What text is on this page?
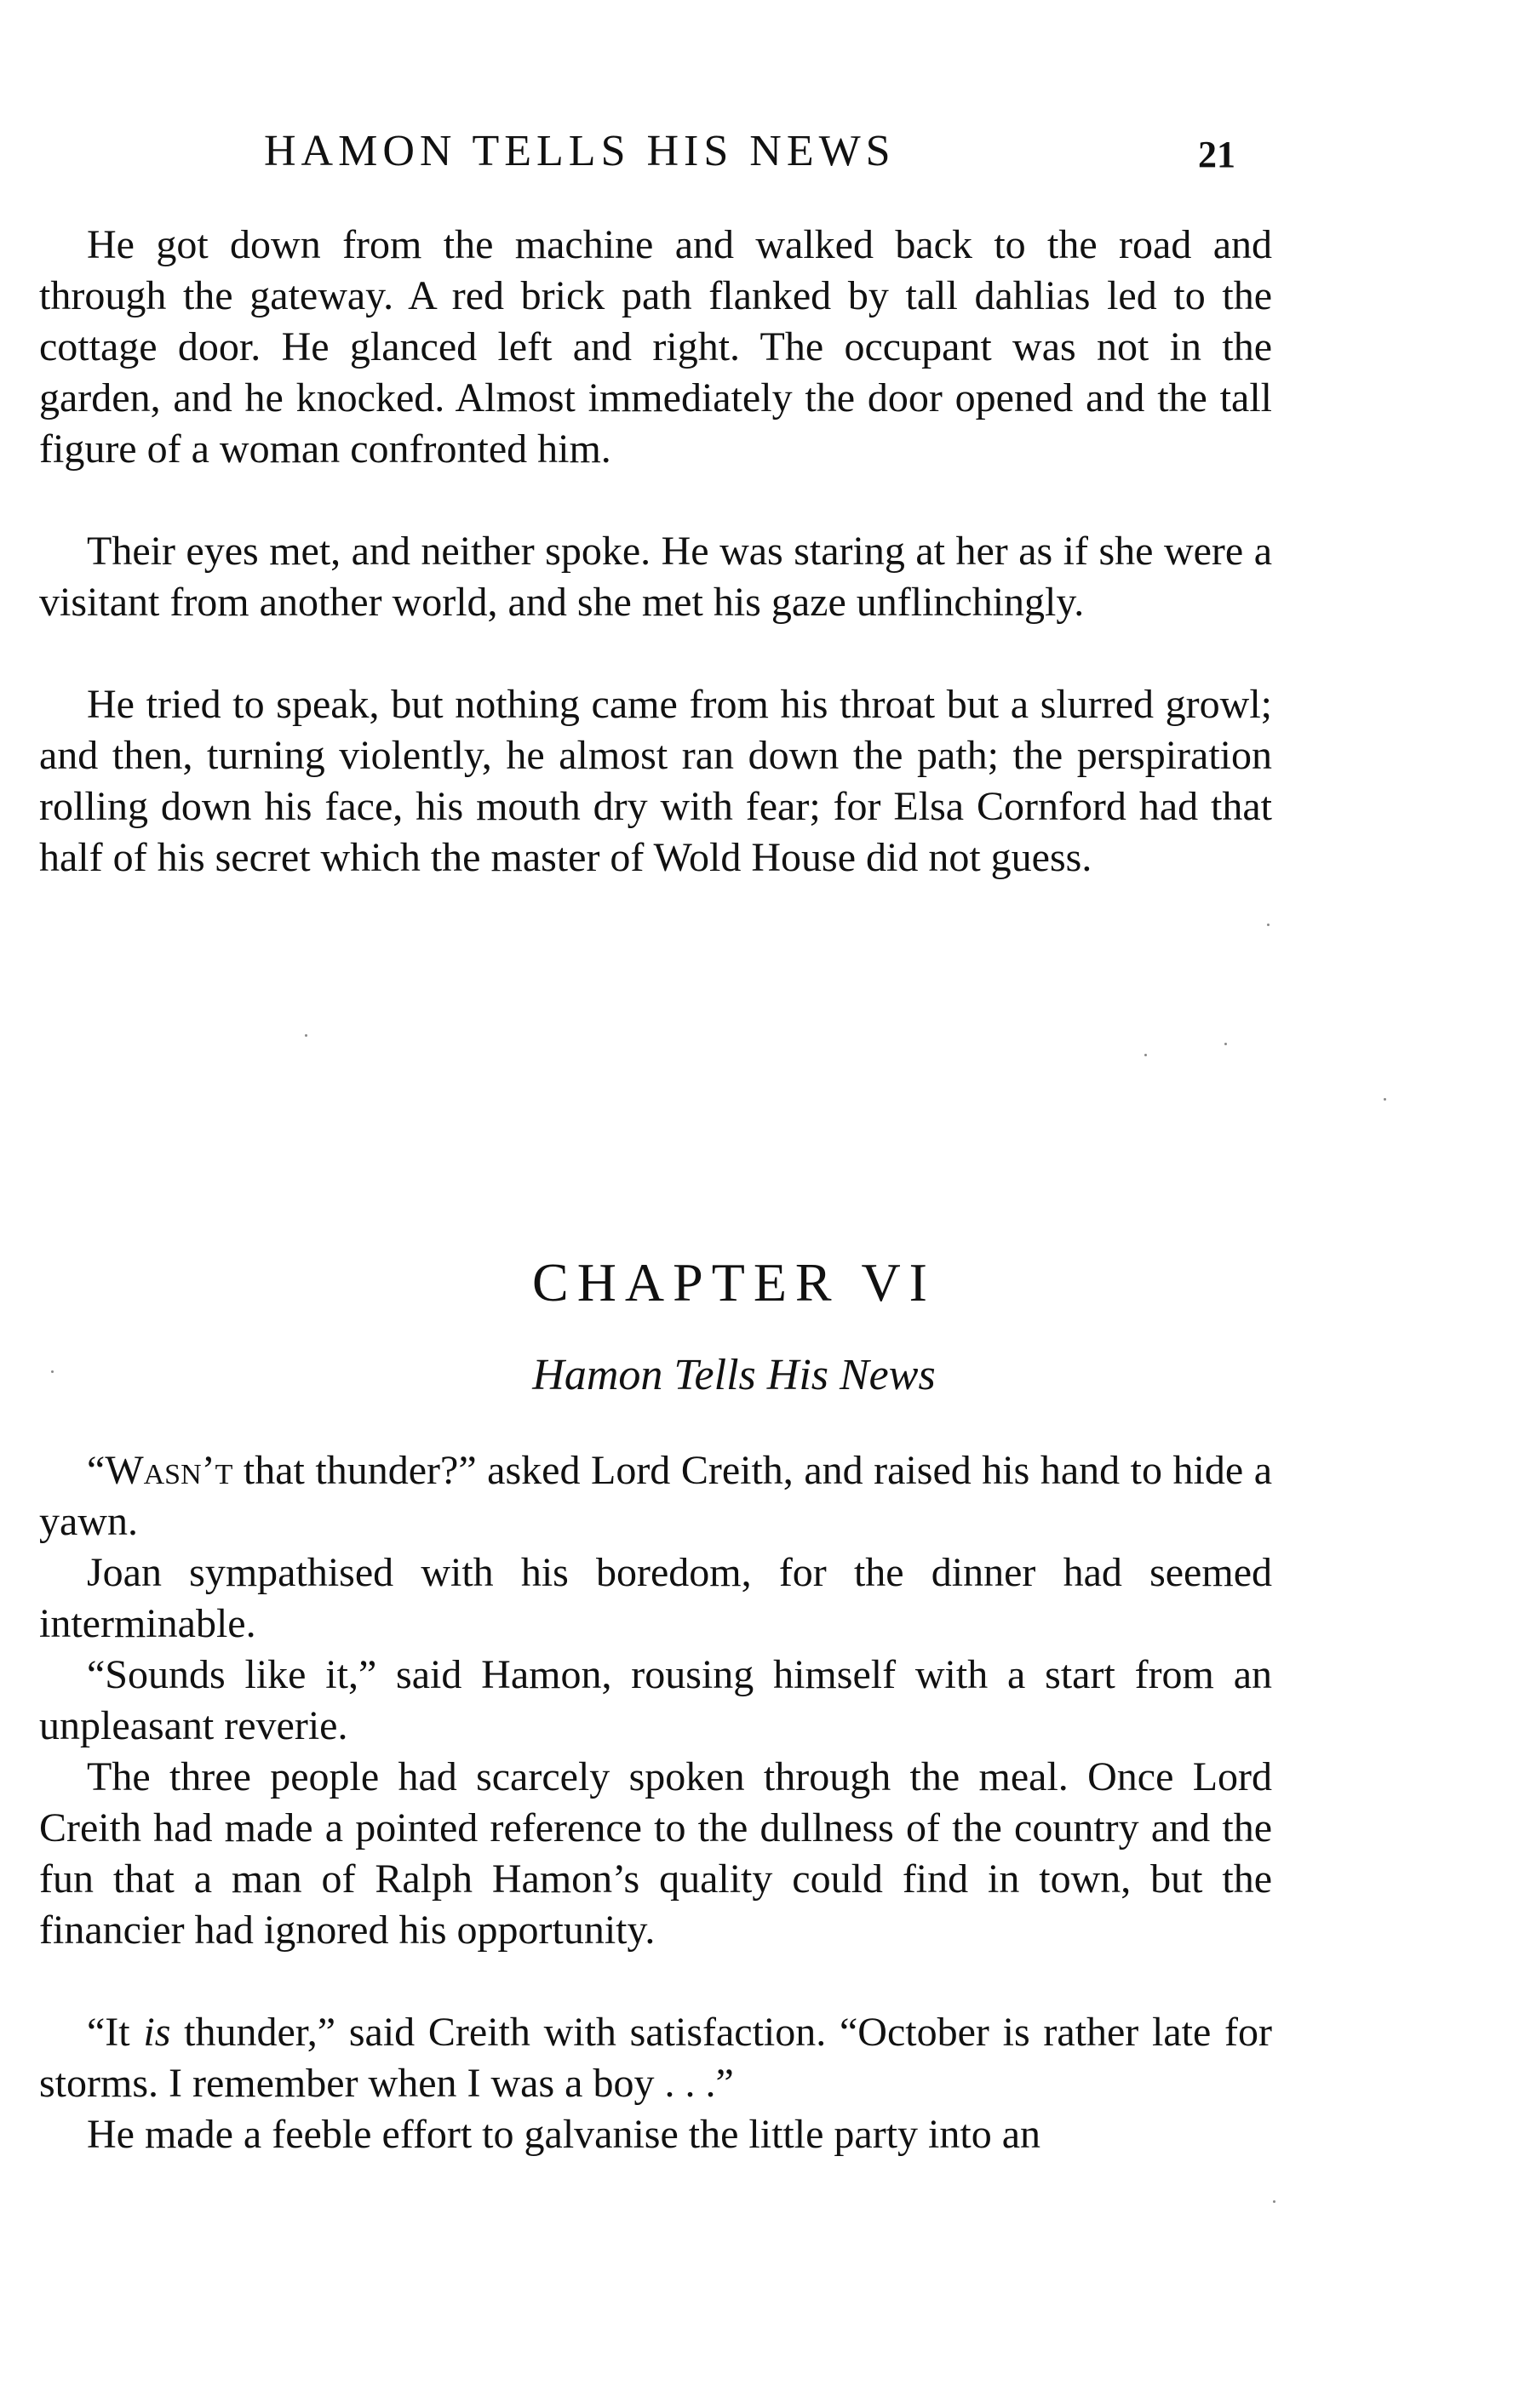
HAMON TELLS HIS NEWS	21

He got down from the machine and walked back to the road and through the gateway. A red brick path flanked by tall dahlias led to the cottage door. He glanced left and right. The occupant was not in the garden, and he knocked. Almost immediately the door opened and the tall figure of a woman confronted him.

Their eyes met, and neither spoke. He was staring at her as if she were a visitant from another world, and she met his gaze unflinchingly.

He tried to speak, but nothing came from his throat but a slurred growl; and then, turning violently, he almost ran down the path; the perspiration rolling down his face, his mouth dry with fear; for Elsa Cornford had that half of his secret which the master of Wold House did not guess.

CHAPTER VI
Hamon Tells His News

“Wasn’t that thunder?” asked Lord Creith, and raised his hand to hide a yawn.

Joan sympathised with his boredom, for the dinner had seemed interminable.

“Sounds like it,” said Hamon, rousing himself with a start from an unpleasant reverie.

The three people had scarcely spoken through the meal. Once Lord Creith had made a pointed reference to the dullness of the country and the fun that a man of Ralph Hamon’s quality could find in town, but the financier had ignored his opportunity.

“It is thunder,” said Creith with satisfaction. “October is rather late for storms. I remember when I was a boy . . .”

He made a feeble effort to galvanise the little party into an
